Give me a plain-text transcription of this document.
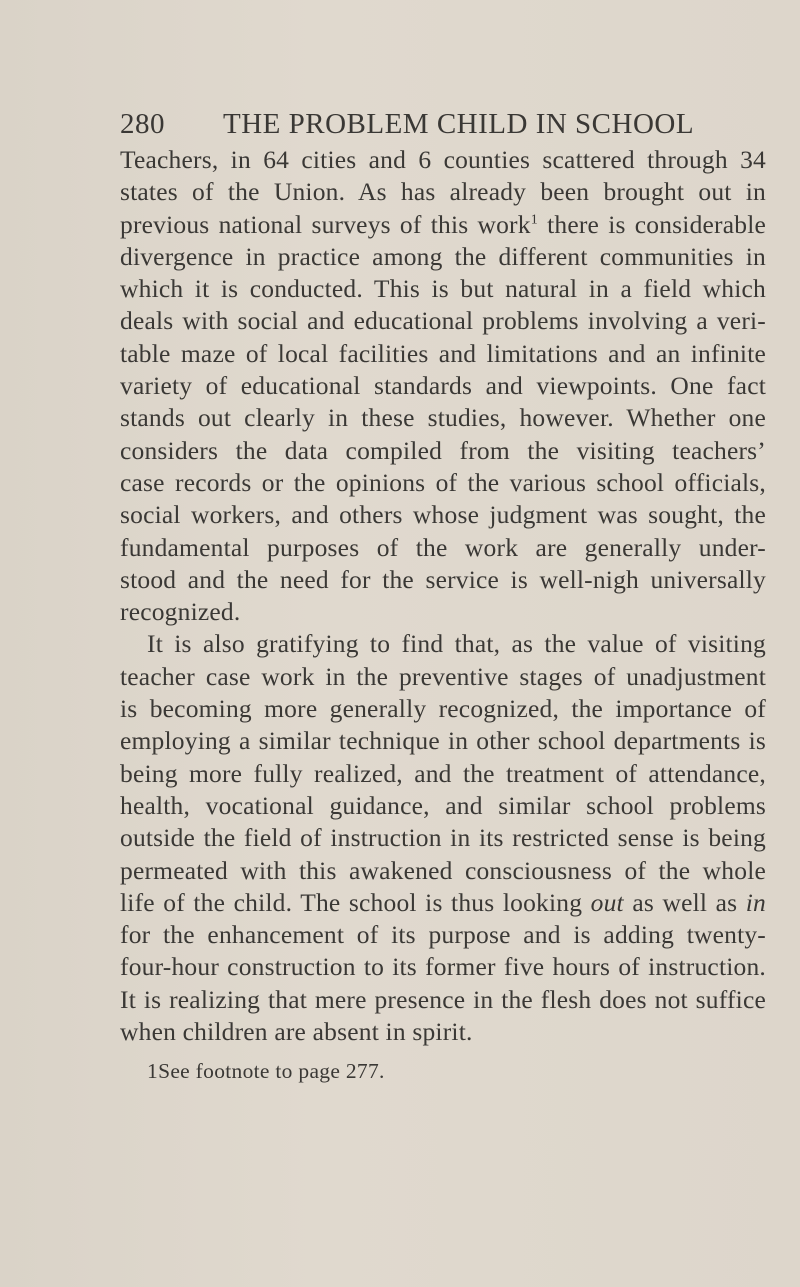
280 THE PROBLEM CHILD IN SCHOOL
Teachers, in 64 cities and 6 counties scattered through 34
states of the Union. As has already been brought out in
previous national surveys of this work$^1$ there is considerable
divergence in practice among the different communities in
which it is conducted. This is but natural in a field which
deals with social and educational problems involving a veri-
table maze of local facilities and limitations and an infinite
variety of educational standards and viewpoints. One fact
stands out clearly in these studies, however. Whether one
considers the data compiled from the visiting teachers’
case records or the opinions of the various school officials,
social workers, and others whose judgment was sought, the
fundamental purposes of the work are generally under-
stood and the need for the service is well-nigh universally
recognized.
It is also gratifying to find that, as the value of visiting
teacher case work in the preventive stages of unadjustment
is becoming more generally recognized, the importance of
employing a similar technique in other school departments is
being more fully realized, and the treatment of attendance,
health, vocational guidance, and similar school problems
outside the field of instruction in its restricted sense is being
permeated with this awakened consciousness of the whole
life of the child. The school is thus looking out as well as in
for the enhancement of its purpose and is adding twenty-
four-hour construction to its former five hours of instruction.
It is realizing that mere presence in the flesh does not suffice
when children are absent in spirit.
1See footnote to page 277.
